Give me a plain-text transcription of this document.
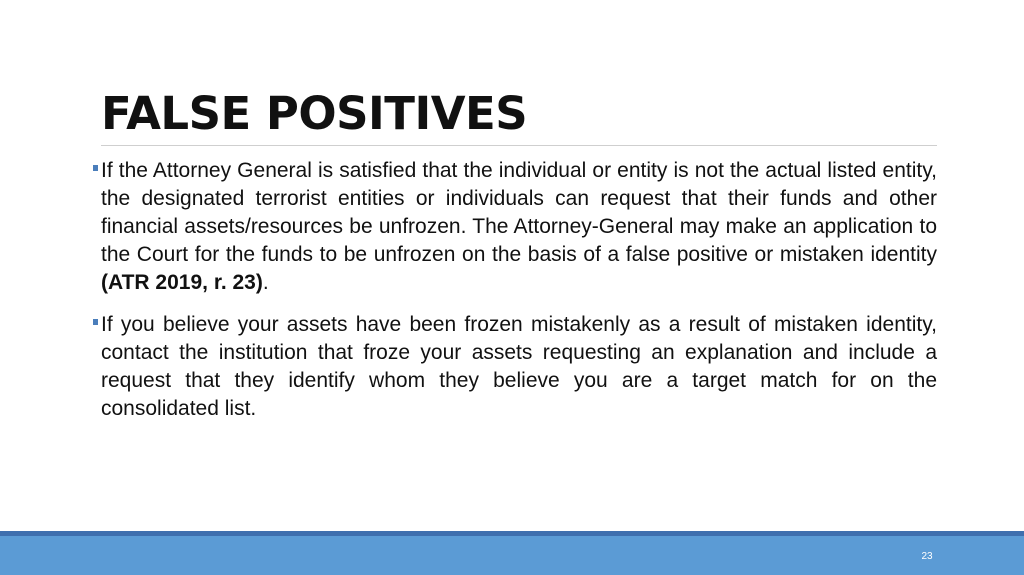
FALSE POSITIVES
If the Attorney General is satisfied that the individual or entity is not the actual listed entity, the designated terrorist entities or individuals can request that their funds and other financial assets/resources be unfrozen. The Attorney-General may make an application to the Court for the funds to be unfrozen on the basis of a false positive or mistaken identity (ATR 2019, r. 23).
If you believe your assets have been frozen mistakenly as a result of mistaken identity, contact the institution that froze your assets requesting an explanation and include a request that they identify whom they believe you are a target match for on the consolidated list.
23
